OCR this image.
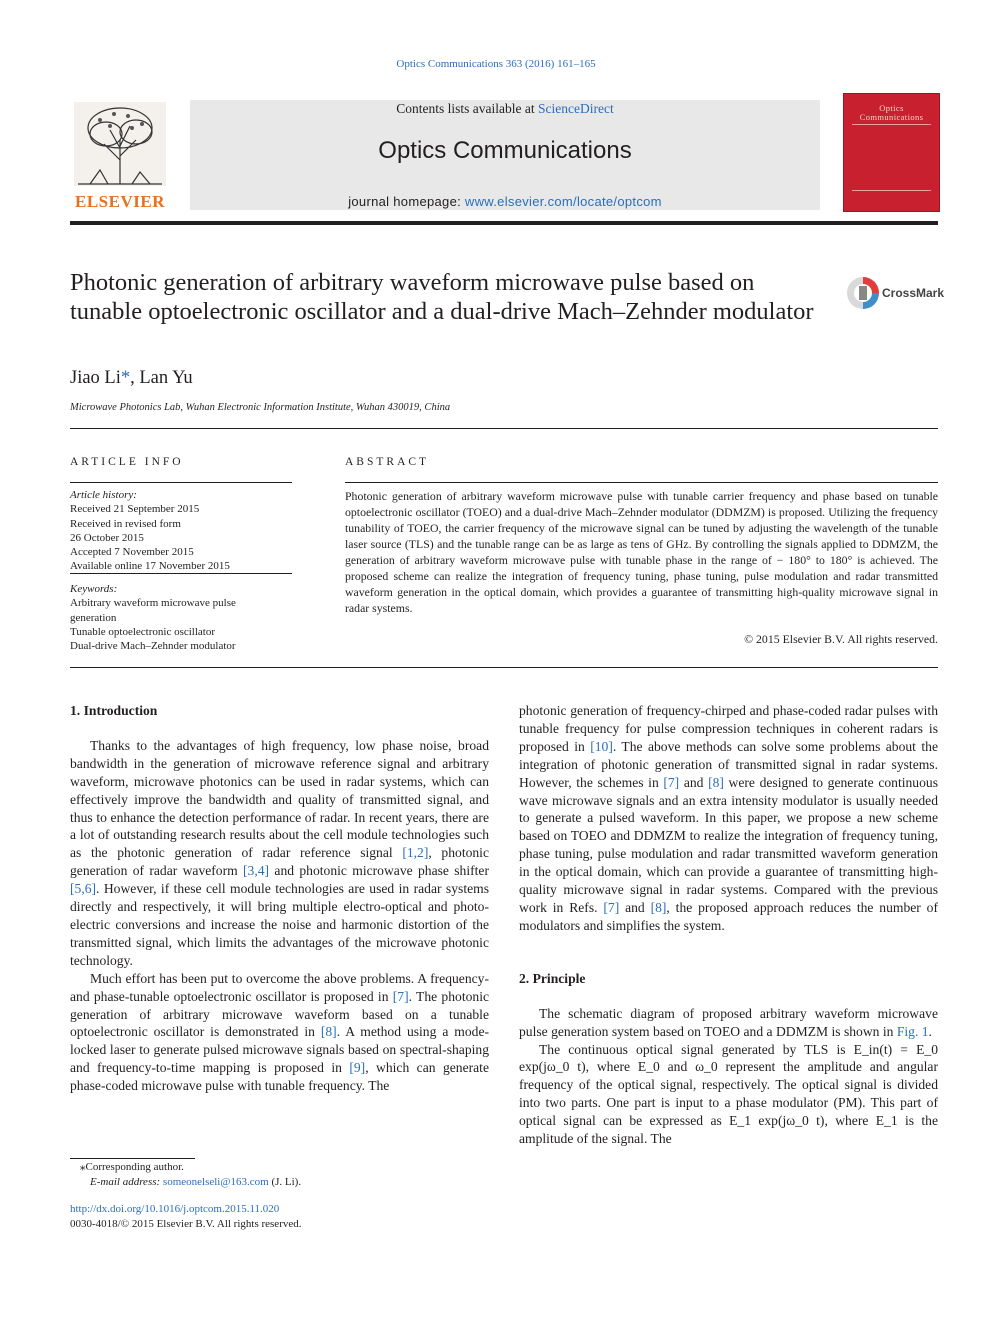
Optics Communications 363 (2016) 161–165
ELSEVIER
Contents lists available at ScienceDirect
Optics Communications
journal homepage: www.elsevier.com/locate/optcom
Optics
Communications
Photonic generation of arbitrary waveform microwave pulse based on tunable optoelectronic oscillator and a dual-drive Mach–Zehnder modulator
CrossMark
Jiao Li*, Lan Yu
Microwave Photonics Lab, Wuhan Electronic Information Institute, Wuhan 430019, China
ARTICLE INFO
Article history:
Received 21 September 2015
Received in revised form
26 October 2015
Accepted 7 November 2015
Available online 17 November 2015
Keywords:
Arbitrary waveform microwave pulse
generation
Tunable optoelectronic oscillator
Dual-drive Mach–Zehnder modulator
ABSTRACT
Photonic generation of arbitrary waveform microwave pulse with tunable carrier frequency and phase based on tunable optoelectronic oscillator (TOEO) and a dual-drive Mach–Zehnder modulator (DDMZM) is proposed. Utilizing the frequency tunability of TOEO, the carrier frequency of the microwave signal can be tuned by adjusting the wavelength of the tunable laser source (TLS) and the tunable range can be as large as tens of GHz. By controlling the signals applied to DDMZM, the generation of arbitrary waveform microwave pulse with tunable phase in the range of − 180° to 180° is achieved. The proposed scheme can realize the integration of frequency tuning, phase tuning, pulse modulation and radar transmitted waveform generation in the optical domain, which provides a guarantee of transmitting high-quality microwave signal in radar systems.
© 2015 Elsevier B.V. All rights reserved.
1. Introduction

Thanks to the advantages of high frequency, low phase noise, broad bandwidth in the generation of microwave reference signal and arbitrary waveform, microwave photonics can be used in radar systems, which can effectively improve the bandwidth and quality of transmitted signal, and thus to enhance the detection performance of radar. In recent years, there are a lot of outstanding research results about the cell module technologies such as the photonic generation of radar reference signal [1,2], photonic generation of radar waveform [3,4] and photonic microwave phase shifter [5,6]. However, if these cell module technologies are used in radar systems directly and respectively, it will bring multiple electro-optical and photo-electric conversions and increase the noise and harmonic distortion of the transmitted signal, which limits the advantages of the microwave photonic technology.

Much effort has been put to overcome the above problems. A frequency- and phase-tunable optoelectronic oscillator is proposed in [7]. The photonic generation of arbitrary microwave waveform based on a tunable optoelectronic oscillator is demonstrated in [8]. A method using a mode-locked laser to generate pulsed microwave signals based on spectral-shaping and frequency-to-time mapping is proposed in [9], which can generate phase-coded microwave pulse with tunable frequency. The

photonic generation of frequency-chirped and phase-coded radar pulses with tunable frequency for pulse compression techniques in coherent radars is proposed in [10]. The above methods can solve some problems about the integration of photonic generation of transmitted signal in radar systems. However, the schemes in [7] and [8] were designed to generate continuous wave microwave signals and an extra intensity modulator is usually needed to generate a pulsed waveform. In this paper, we propose a new scheme based on TOEO and DDMZM to realize the integration of frequency tuning, phase tuning, pulse modulation and radar transmitted waveform generation in the optical domain, which can provide a guarantee of transmitting high-quality microwave signal in radar systems. Compared with the previous work in Refs. [7] and [8], the proposed approach reduces the number of modulators and simplifies the system.

2. Principle

The schematic diagram of proposed arbitrary waveform microwave pulse generation system based on TOEO and a DDMZM is shown in Fig. 1.

The continuous optical signal generated by TLS is E_in(t) = E_0 exp(jω_0 t), where E_0 and ω_0 represent the amplitude and angular frequency of the optical signal, respectively. The optical signal is divided into two parts. One part is input to a phase modulator (PM). This part of optical signal can be expressed as E_1 exp(jω_0 t), where E_1 is the amplitude of the signal. The

⁎Corresponding author.
E-mail address: someonelseli@163.com (J. Li).
http://dx.doi.org/10.1016/j.optcom.2015.11.020
0030-4018/© 2015 Elsevier B.V. All rights reserved.
